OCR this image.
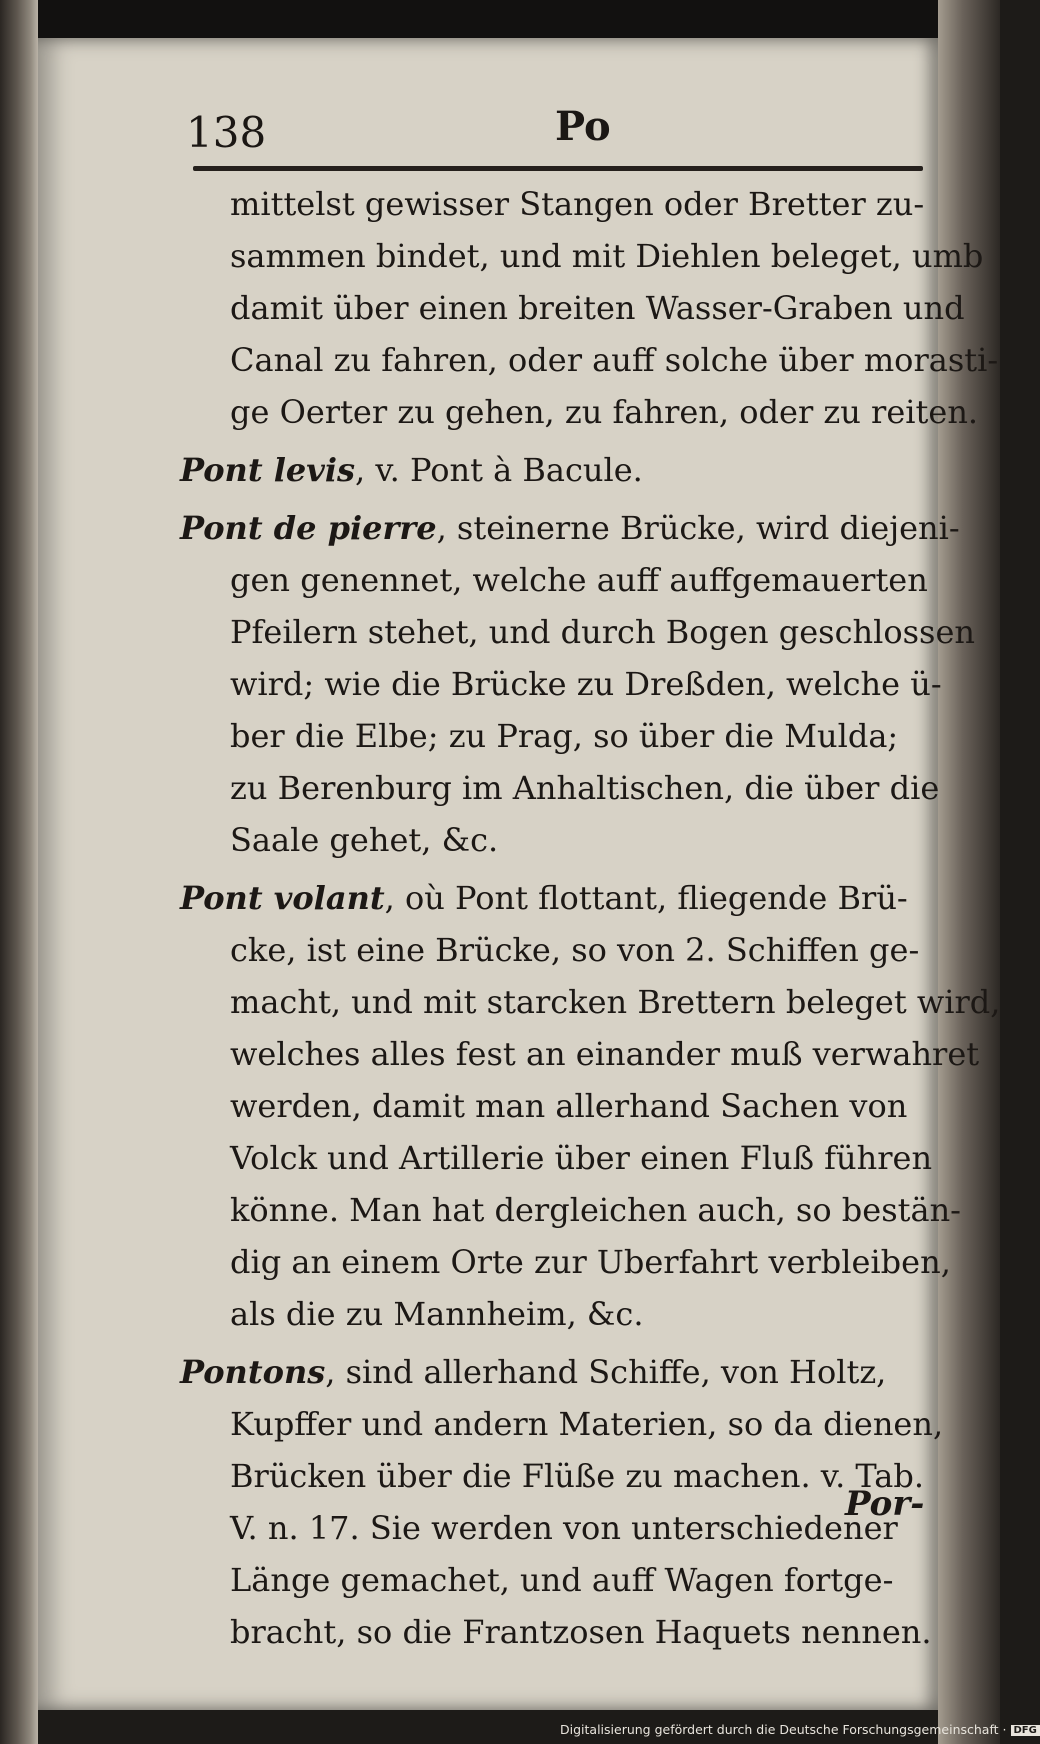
138	Po
mittelst gewisser Stangen oder Bretter zu-
sammen bindet, und mit Diehlen beleget, umb
damit über einen breiten Wasser-Graben und
Canal zu fahren, oder auff solche über morasti-
ge Oerter zu gehen, zu fahren, oder zu reiten.
Pont levis, v. Pont à Bacule.
Pont de pierre, steinerne Brücke, wird diejeni-
gen genennet, welche auff auffgemauerten
Pfeilern stehet, und durch Bogen geschlossen
wird; wie die Brücke zu Dreßden, welche ü-
ber die Elbe; zu Prag, so über die Mulda;
zu Berenburg im Anhaltischen, die über die
Saale gehet, &c.
Pont volant, où Pont flottant, fliegende Brü-
cke, ist eine Brücke, so von 2. Schiffen ge-
macht, und mit starcken Brettern beleget wird,
welches alles fest an einander muß verwahret
werden, damit man allerhand Sachen von
Volck und Artillerie über einen Fluß führen
könne. Man hat dergleichen auch, so bestän-
dig an einem Orte zur Uberfahrt verbleiben,
als die zu Mannheim, &c.
Pontons, sind allerhand Schiffe, von Holtz,
Kupffer und andern Materien, so da dienen,
Brücken über die Flüße zu machen. v. Tab.
V. n. 17. Sie werden von unterschiedener
Länge gemachet, und auff Wagen fortge-
bracht, so die Frantzosen Haquets nennen.
Por-
Digitalisierung gefördert durch die Deutsche Forschungsgemeinschaft · DFG
